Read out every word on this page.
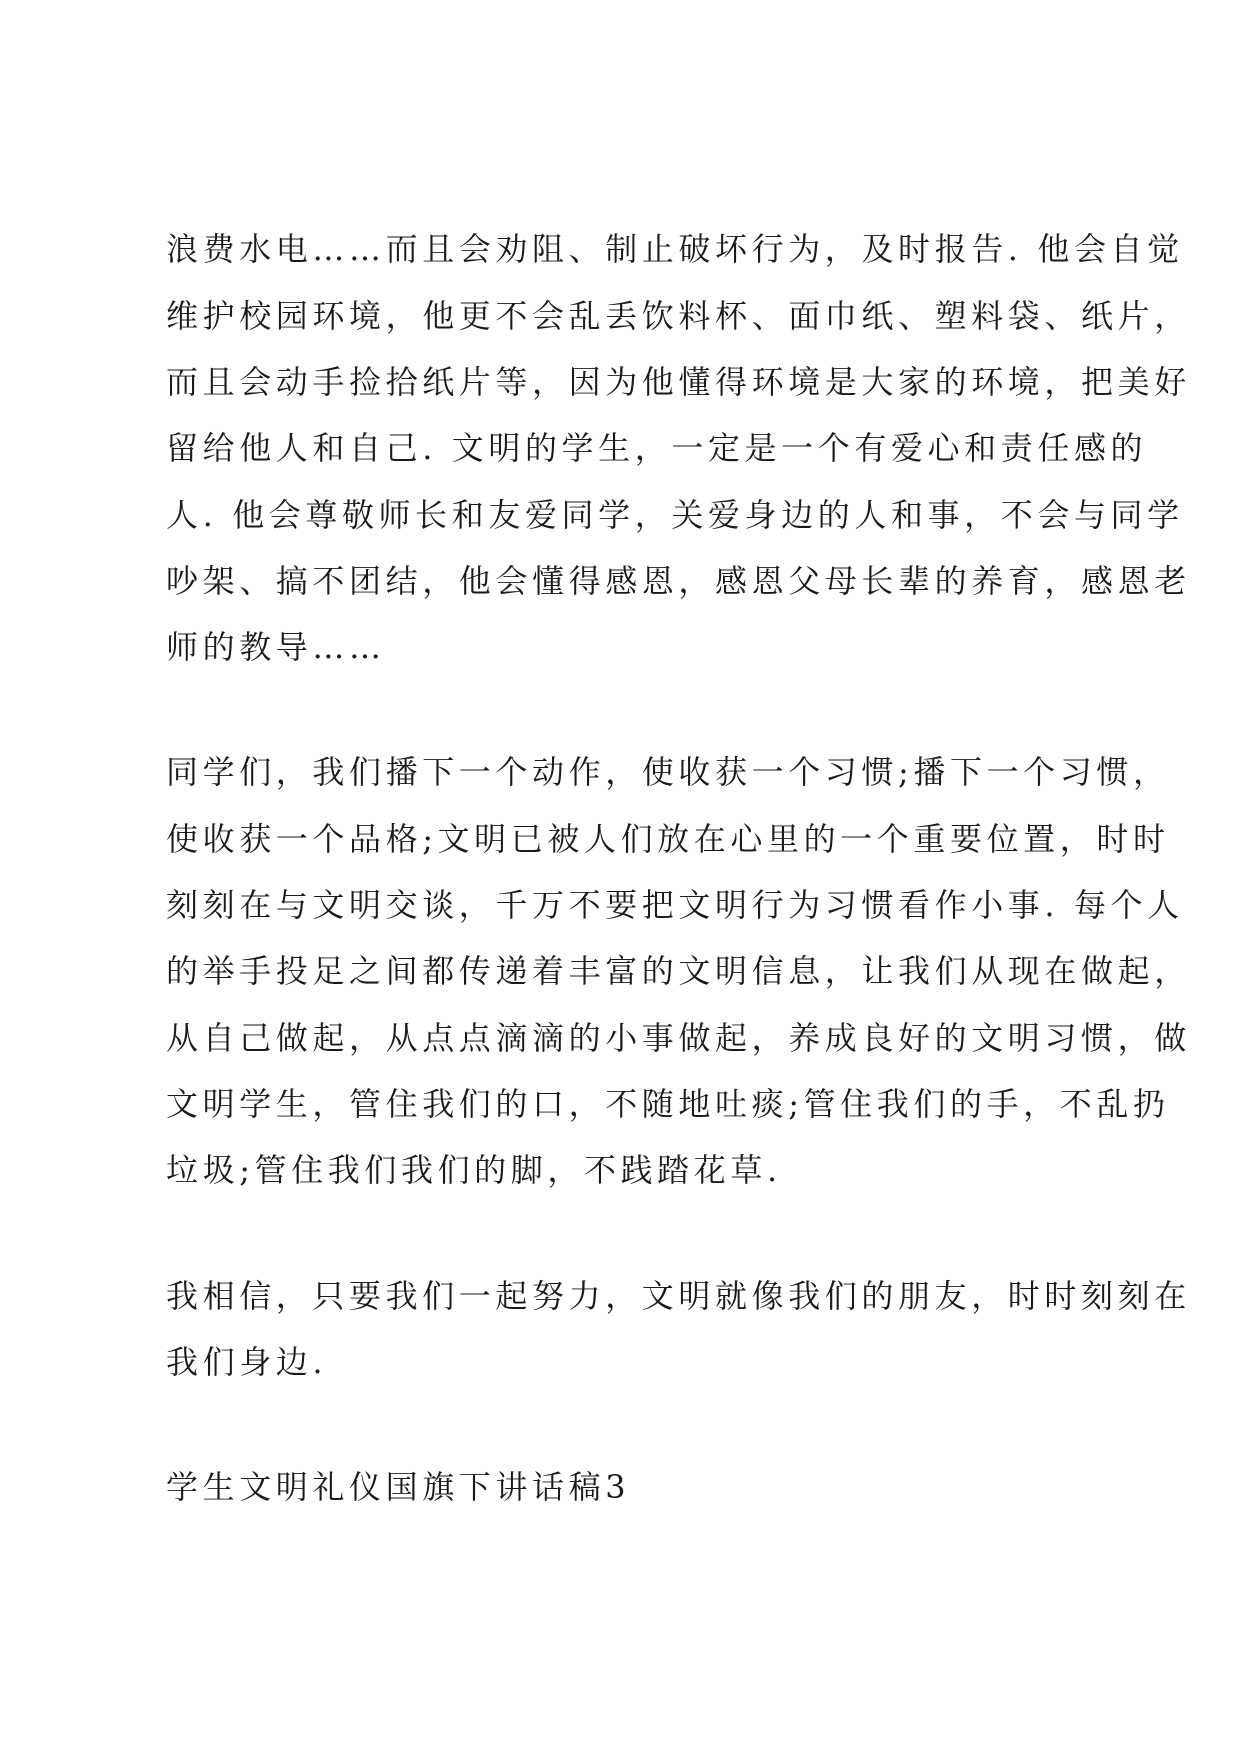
浪费水电……而且会劝阻、制止破坏行为，及时报告. 他会自觉
维护校园环境，他更不会乱丢饮料杯、面巾纸、塑料袋、纸片，
而且会动手捡拾纸片等，因为他懂得环境是大家的环境，把美好
留给他人和自己. 文明的学生，一定是一个有爱心和责任感的
人. 他会尊敬师长和友爱同学，关爱身边的人和事，不会与同学
吵架、搞不团结，他会懂得感恩，感恩父母长辈的养育，感恩老
师的教导……
同学们，我们播下一个动作，使收获一个习惯;播下一个习惯，
使收获一个品格;文明已被人们放在心里的一个重要位置，时时
刻刻在与文明交谈，千万不要把文明行为习惯看作小事. 每个人
的举手投足之间都传递着丰富的文明信息，让我们从现在做起，
从自己做起，从点点滴滴的小事做起，养成良好的文明习惯，做
文明学生，管住我们的口，不随地吐痰;管住我们的手，不乱扔
垃圾;管住我们我们的脚，不践踏花草.
我相信，只要我们一起努力，文明就像我们的朋友，时时刻刻在
我们身边.
学生文明礼仪国旗下讲话稿3
